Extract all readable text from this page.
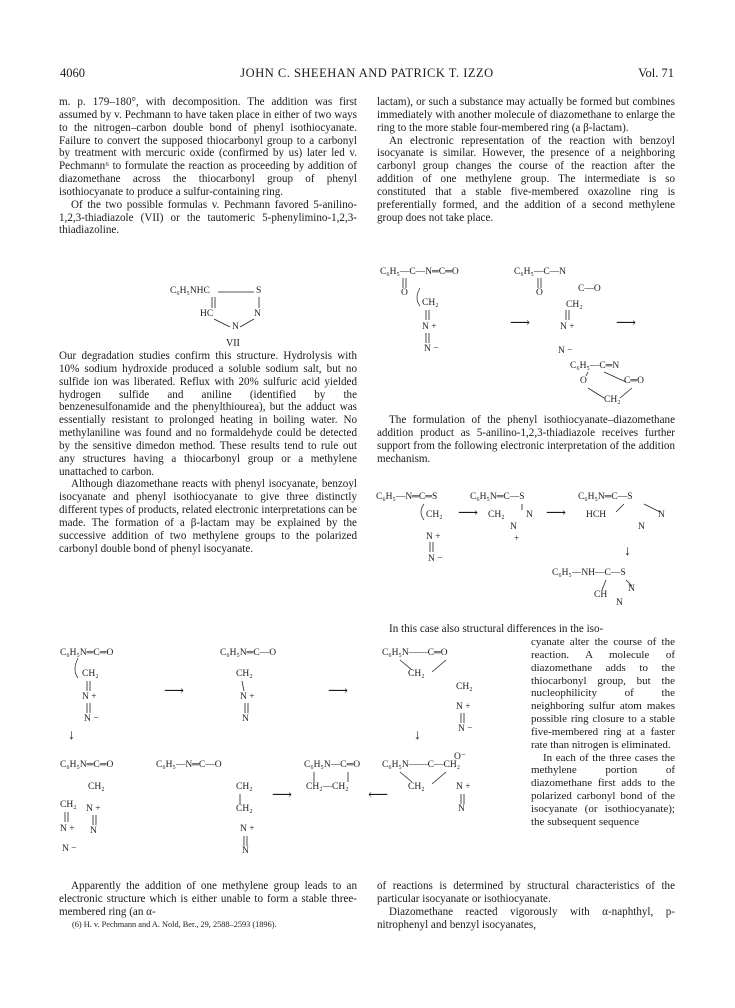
4060	JOHN C. SHEEHAN AND PATRICK T. IZZO	Vol. 71

m. p. 179–180°, with decomposition. The addition was first assumed by v. Pechmann to have taken place in either of two ways to the nitrogen–carbon double bond of phenyl isothiocyanate. Failure to convert the supposed thiocarbonyl group to a carbonyl by treatment with mercuric oxide (confirmed by us) later led v. Pechmann⁶ to formulate the reaction as proceeding by addition of diazomethane across the thiocarbonyl group of phenyl isothiocyanate to produce a sulfur-containing ring.

Of the two possible formulas v. Pechmann favored 5-anilino-1,2,3-thiadiazole (VII) or the tautomeric 5-phenylimino-1,2,3-thiadiazoline.

C₆H₅NHC	S
HC	N
N
VII

Our degradation studies confirm this structure. Hydrolysis with 10% sodium hydroxide produced a soluble sodium salt, but no sulfide ion was liberated. Reflux with 20% sulfuric acid yielded hydrogen sulfide and aniline (identified by the benzenesulfonamide and the phenylthiourea), but the adduct was essentially resistant to prolonged heating in boiling water. No methylaniline was found and no formaldehyde could be detected by the sensitive dimedon method. These results tend to rule out any structures having a thiocarbonyl group or a methylene unattached to carbon.

Although diazomethane reacts with phenyl isocyanate, benzoyl isocyanate and phenyl isothiocyanate to give three distinctly different types of products, related electronic interpretations can be made. The formation of a β-lactam may be explained by the successive addition of two methylene groups to the polarized carbonyl double bond of phenyl isocyanate.

lactam), or such a substance may actually be formed but combines immediately with another molecule of diazomethane to enlarge the ring to the more stable four-membered ring (a β-lactam).

An electronic representation of the reaction with benzoyl isocyanate is similar. However, the presence of a neighboring carbonyl group changes the course of the reaction after the addition of one methylene group. The intermediate is so constituted that a stable five-membered oxazoline ring is preferentially formed, and the addition of a second methylene group does not take place.

C₆H₅—C—N═C═O
O
CH₂
N +
N −
⟶
C₆H₅—C—N
O	C—O
CH₂
N +	⟶
N −
C₆H₅—C═N
O	C═O
CH₂

The formulation of the phenyl isothiocyanate–diazomethane addition product as 5-anilino-1,2,3-thiadiazole receives further support from the following electronic interpretation of the addition mechanism.

C₆H₅—N═C═S	C₆H₅N═C—S	C₆H₅N═C—S
CH₂
N +
N −
⟶ CH₂ N
N
+
⟶ HCH	N
N
↓
C₆H₅—NH—C—S
CH
N
N

In this case also structural differences in the iso-

cyanate alter the course of the reaction. A molecule of diazomethane adds to the thiocarbonyl group, but the nucleophilicity of the neighboring sulfur atom makes possible ring closure to a stable five-membered ring at a faster rate than nitrogen is eliminated.

In each of the three cases the methylene portion of diazomethane first adds to the polarized carbonyl bond of the isocyanate (or isothiocyanate); the subsequent sequence

C₆H₅N═C═O
CH₂
N +
N −
⟶
C₆H₅N═C—O
CH₂
N +
N
⟶
C₆H₅N——C═O
CH₂
CH₂
N +
N −
↓	↓
O⁻
C₆H₅N═C═O
CH₂
CH₂ N +
N + N
N −
C₆H₅—N═C—O
CH₂
CH₂
N +
N
⟶
C₆H₅N—C═O
CH₂—CH₂
⟵
C₆H₅N——C—CH₂
CH₂	N +
N

Apparently the addition of one methylene group leads to an electronic structure which is either unable to form a stable three-membered ring (an α-

(6) H. v. Pechmann and A. Nold, Ber., 29, 2588–2593 (1896).

of reactions is determined by structural characteristics of the particular isocyanate or isothiocyanate.

Diazomethane reacted vigorously with α-naphthyl, p-nitrophenyl and benzyl isocyanates,
